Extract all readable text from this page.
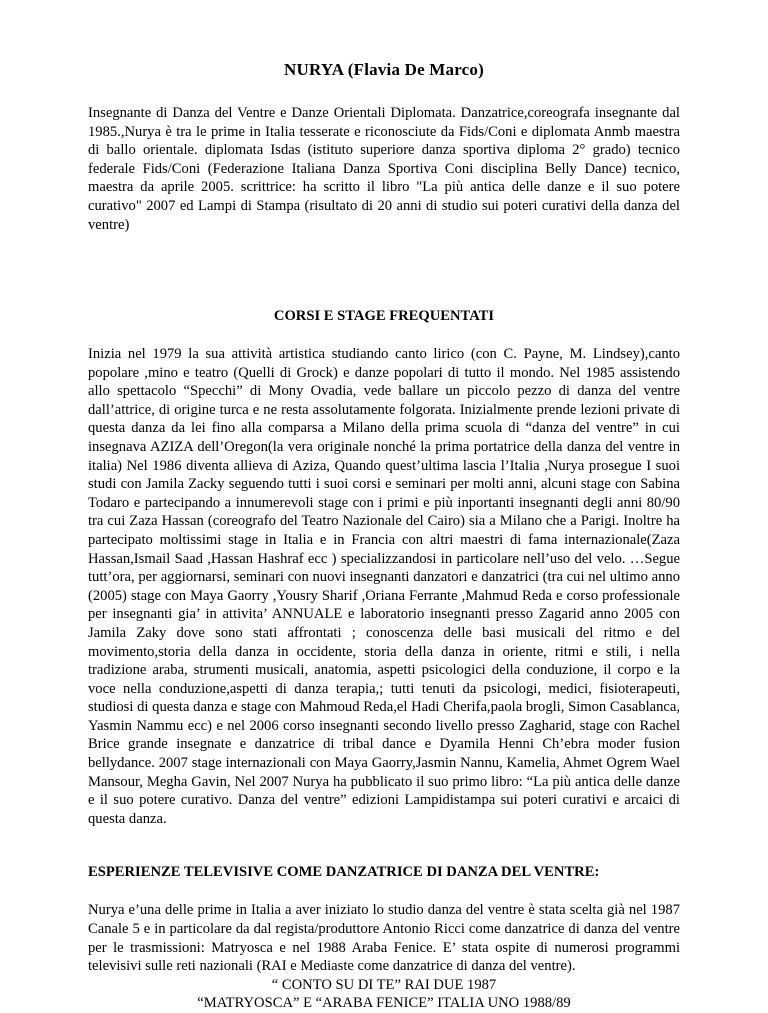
NURYA (Flavia De Marco)

Insegnante di Danza del Ventre e Danze Orientali Diplomata. Danzatrice,coreografa insegnante dal 1985.,Nurya è tra le prime in Italia tesserate e riconosciute da Fids/Coni e diplomata Anmb maestra di ballo orientale. diplomata Isdas (istituto superiore danza sportiva diploma 2° grado) tecnico federale Fids/Coni (Federazione Italiana Danza Sportiva Coni disciplina Belly Dance) tecnico, maestra da aprile 2005. scrittrice: ha scritto il libro "La più antica delle danze e il suo potere curativo" 2007 ed Lampi di Stampa (risultato di 20 anni di studio sui poteri curativi della danza del ventre)

CORSI E STAGE FREQUENTATI

Inizia nel 1979 la sua attività artistica studiando canto lirico (con C. Payne, M. Lindsey),canto popolare ,mino e teatro (Quelli di Grock) e danze popolari di tutto il mondo. Nel 1985 assistendo allo spettacolo “Specchi” di Mony Ovadia, vede ballare un piccolo pezzo di danza del ventre dall’attrice, di origine turca e ne resta assolutamente folgorata. Inizialmente prende lezioni private di questa danza da lei fino alla comparsa a Milano della prima scuola di “danza del ventre” in cui insegnava AZIZA dell’Oregon(la vera originale nonché la prima portatrice della danza del ventre in italia) Nel 1986 diventa allieva di Aziza, Quando quest’ultima lascia l’Italia ,Nurya prosegue I suoi studi con Jamila Zacky seguendo tutti i suoi corsi e seminari per molti anni, alcuni stage con Sabina Todaro e partecipando a innumerevoli stage con i primi e più inportanti insegnanti degli anni 80/90 tra cui Zaza Hassan (coreografo del Teatro Nazionale del Cairo) sia a Milano che a Parigi. Inoltre ha partecipato moltissimi stage in Italia e in Francia con altri maestri di fama internazionale(Zaza Hassan,Ismail Saad ,Hassan Hashraf ecc ) specializzandosi in particolare nell’uso del velo. …Segue tutt’ora, per aggiornarsi, seminari con nuovi insegnanti danzatori e danzatrici (tra cui nel ultimo anno (2005) stage con Maya Gaorry ,Yousry Sharif ,Oriana Ferrante ,Mahmud Reda e corso professionale per insegnanti gia’ in attivita’ ANNUALE e laboratorio insegnanti presso Zagarid anno 2005 con Jamila Zaky dove sono stati affrontati ; conoscenza delle basi musicali del ritmo e del movimento,storia della danza in occidente, storia della danza in oriente, ritmi e stili, i nella tradizione araba, strumenti musicali, anatomia, aspetti psicologici della conduzione, il corpo e la voce nella conduzione,aspetti di danza terapia,; tutti tenuti da psicologi, medici, fisioterapeuti, studiosi di questa danza e stage con Mahmoud Reda,el Hadi Cherifa,paola brogli, Simon Casablanca, Yasmin Nammu ecc) e nel 2006 corso insegnanti secondo livello presso Zagharid, stage con Rachel Brice grande insegnate e danzatrice di tribal dance e Dyamila Henni Ch’ebra moder fusion bellydance. 2007 stage internazionali con Maya Gaorry,Jasmin Nannu, Kamelia, Ahmet Ogrem Wael Mansour, Megha Gavin, Nel 2007 Nurya ha pubblicato il suo primo libro: “La più antica delle danze e il suo potere curativo. Danza del ventre” edizioni Lampidistampa sui poteri curativi e arcaici di questa danza.

ESPERIENZE TELEVISIVE COME DANZATRICE DI DANZA DEL VENTRE:

Nurya e’una delle prime in Italia a aver iniziato lo studio danza del ventre è stata scelta già nel 1987 Canale 5 e in particolare da dal regista/produttore Antonio Ricci come danzatrice di danza del ventre per le trasmissioni: Matryosca e nel 1988 Araba Fenice. E’ stata ospite di numerosi programmi televisivi sulle reti nazionali (RAI e Mediaste come danzatrice di danza del ventre).

“ CONTO SU DI TE” RAI DUE 1987
“MATRYOSCA” E “ARABA FENICE” ITALIA UNO 1988/89
